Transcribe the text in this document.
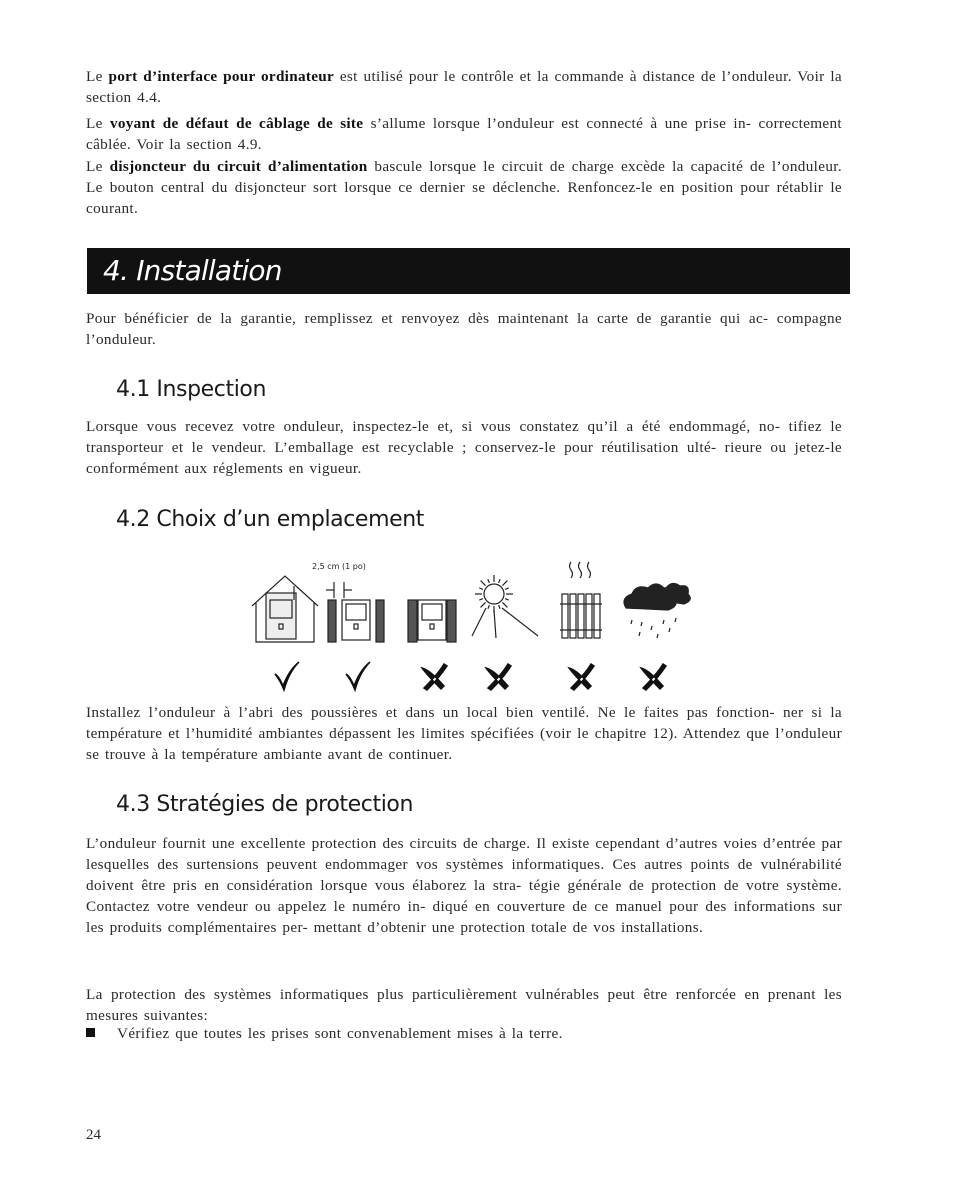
Le port d’interface pour ordinateur est utilisé pour le contrôle et la commande à distance de l’onduleur. Voir la section 4.4.

Le voyant de défaut de câblage de site s’allume lorsque l’onduleur est connecté à une prise in- correctement câblée. Voir la section 4.9.

Le disjoncteur du circuit d’alimentation bascule lorsque le circuit de charge excède la capacité de l’onduleur. Le bouton central du disjoncteur sort lorsque ce dernier se déclenche. Renfoncez-le en position pour rétablir le courant.

4. Installation

Pour bénéficier de la garantie, remplissez et renvoyez dès maintenant la carte de garantie qui ac- compagne l’onduleur.

4.1 Inspection

Lorsque vous recevez votre onduleur, inspectez-le et, si vous constatez qu’il a été endommagé, no- tifiez le transporteur et le vendeur. L’emballage est recyclable ; conservez-le pour réutilisation ulté- rieure ou jetez-le conformément aux réglements en vigueur.

4.2 Choix d’un emplacement
2,5 cm (1 po)

Installez l’onduleur à l’abri des poussières et dans un local bien ventilé. Ne le faites pas fonction- ner si la température et l’humidité ambiantes dépassent les limites spécifiées (voir le chapitre 12). Attendez que l’onduleur se trouve à la température ambiante avant de continuer.

4.3 Stratégies de protection

L’onduleur fournit une excellente protection des circuits de charge. Il existe cependant d’autres voies d’entrée par lesquelles des surtensions peuvent endommager vos systèmes informatiques. Ces autres points de vulnérabilité doivent être pris en considération lorsque vous élaborez la stra- tégie générale de protection de votre système. Contactez votre vendeur ou appelez le numéro in- diqué en couverture de ce manuel pour des informations sur les produits complémentaires per- mettant d’obtenir une protection totale de vos installations.

La protection des systèmes informatiques plus particulièrement vulnérables peut être renforcée en prenant les mesures suivantes:

Vérifiez que toutes les prises sont convenablement mises à la terre.
24
